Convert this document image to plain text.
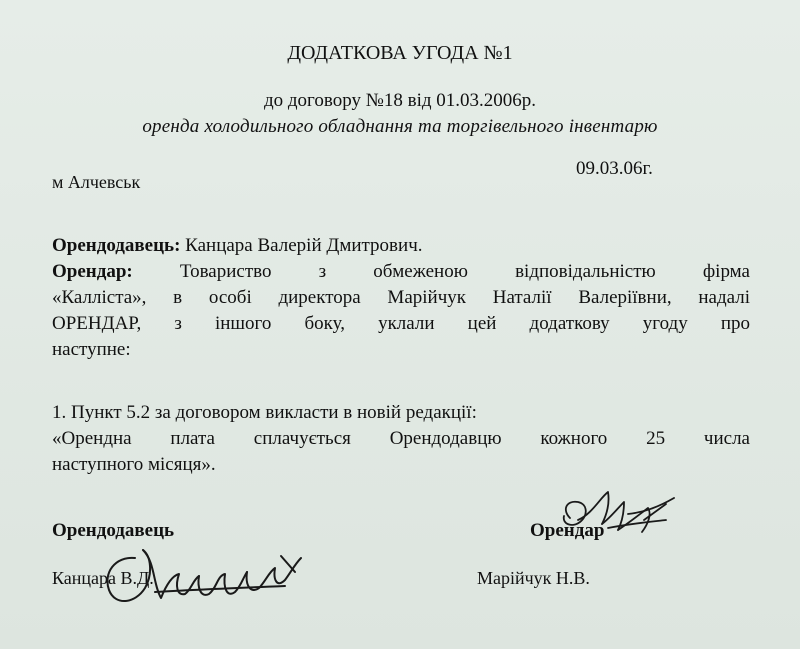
ДОДАТКОВА УГОДА №1
до договору №18 від 01.03.2006р.
оренда холодильного обладнання та торгівельного інвентарю
09.03.06г.
м Алчевськ
Орендодавець: Канцара Валерій Дмитрович.
Орендар: Товариство з обмеженою відповідальністю фірма
«Калліста», в особі директора Марійчук Наталії Валеріївни, надалі
ОРЕНДАР, з іншого боку, уклали цей додаткову угоду про
наступне:
1. Пункт 5.2 за договором викласти в новій редакції:
«Орендна плата сплачується Орендодавцю кожного 25 числа
наступного місяця».
Орендодавець	Орендар
Канцара В.Д.	Марійчук Н.В.
